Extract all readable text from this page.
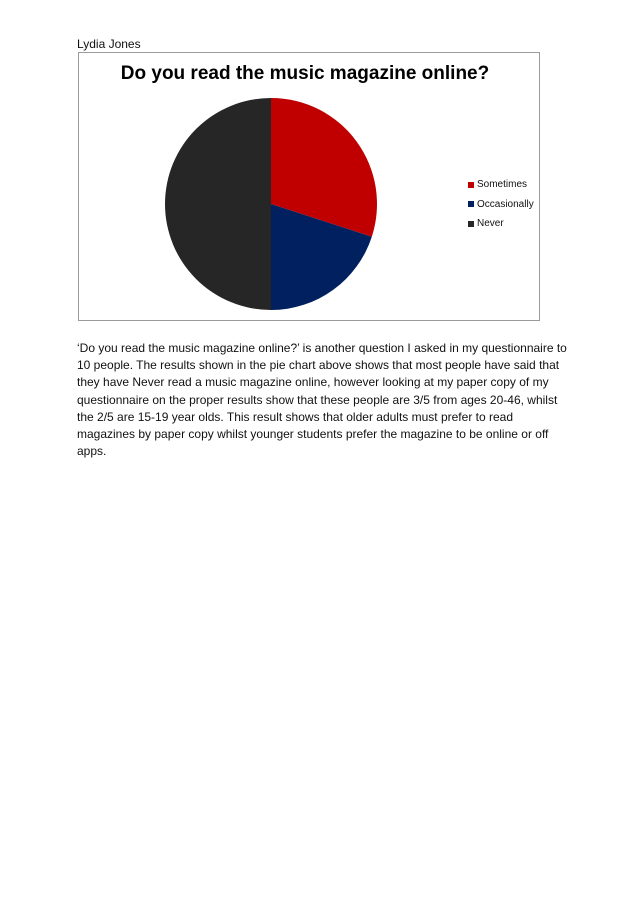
Lydia Jones
Do you read the music magazine online?
Sometimes
Occasionally
Never

‘Do you read the music magazine online?’ is another question I asked in my questionnaire to 10 people. The results shown in the pie chart above shows that most people have said that they have Never read a music magazine online, however looking at my paper copy of my questionnaire on the proper results show that these people are 3/5 from ages 20-46, whilst the 2/5 are 15-19 year olds. This result shows that older adults must prefer to read magazines by paper copy whilst younger students prefer the magazine to be online or off apps.
